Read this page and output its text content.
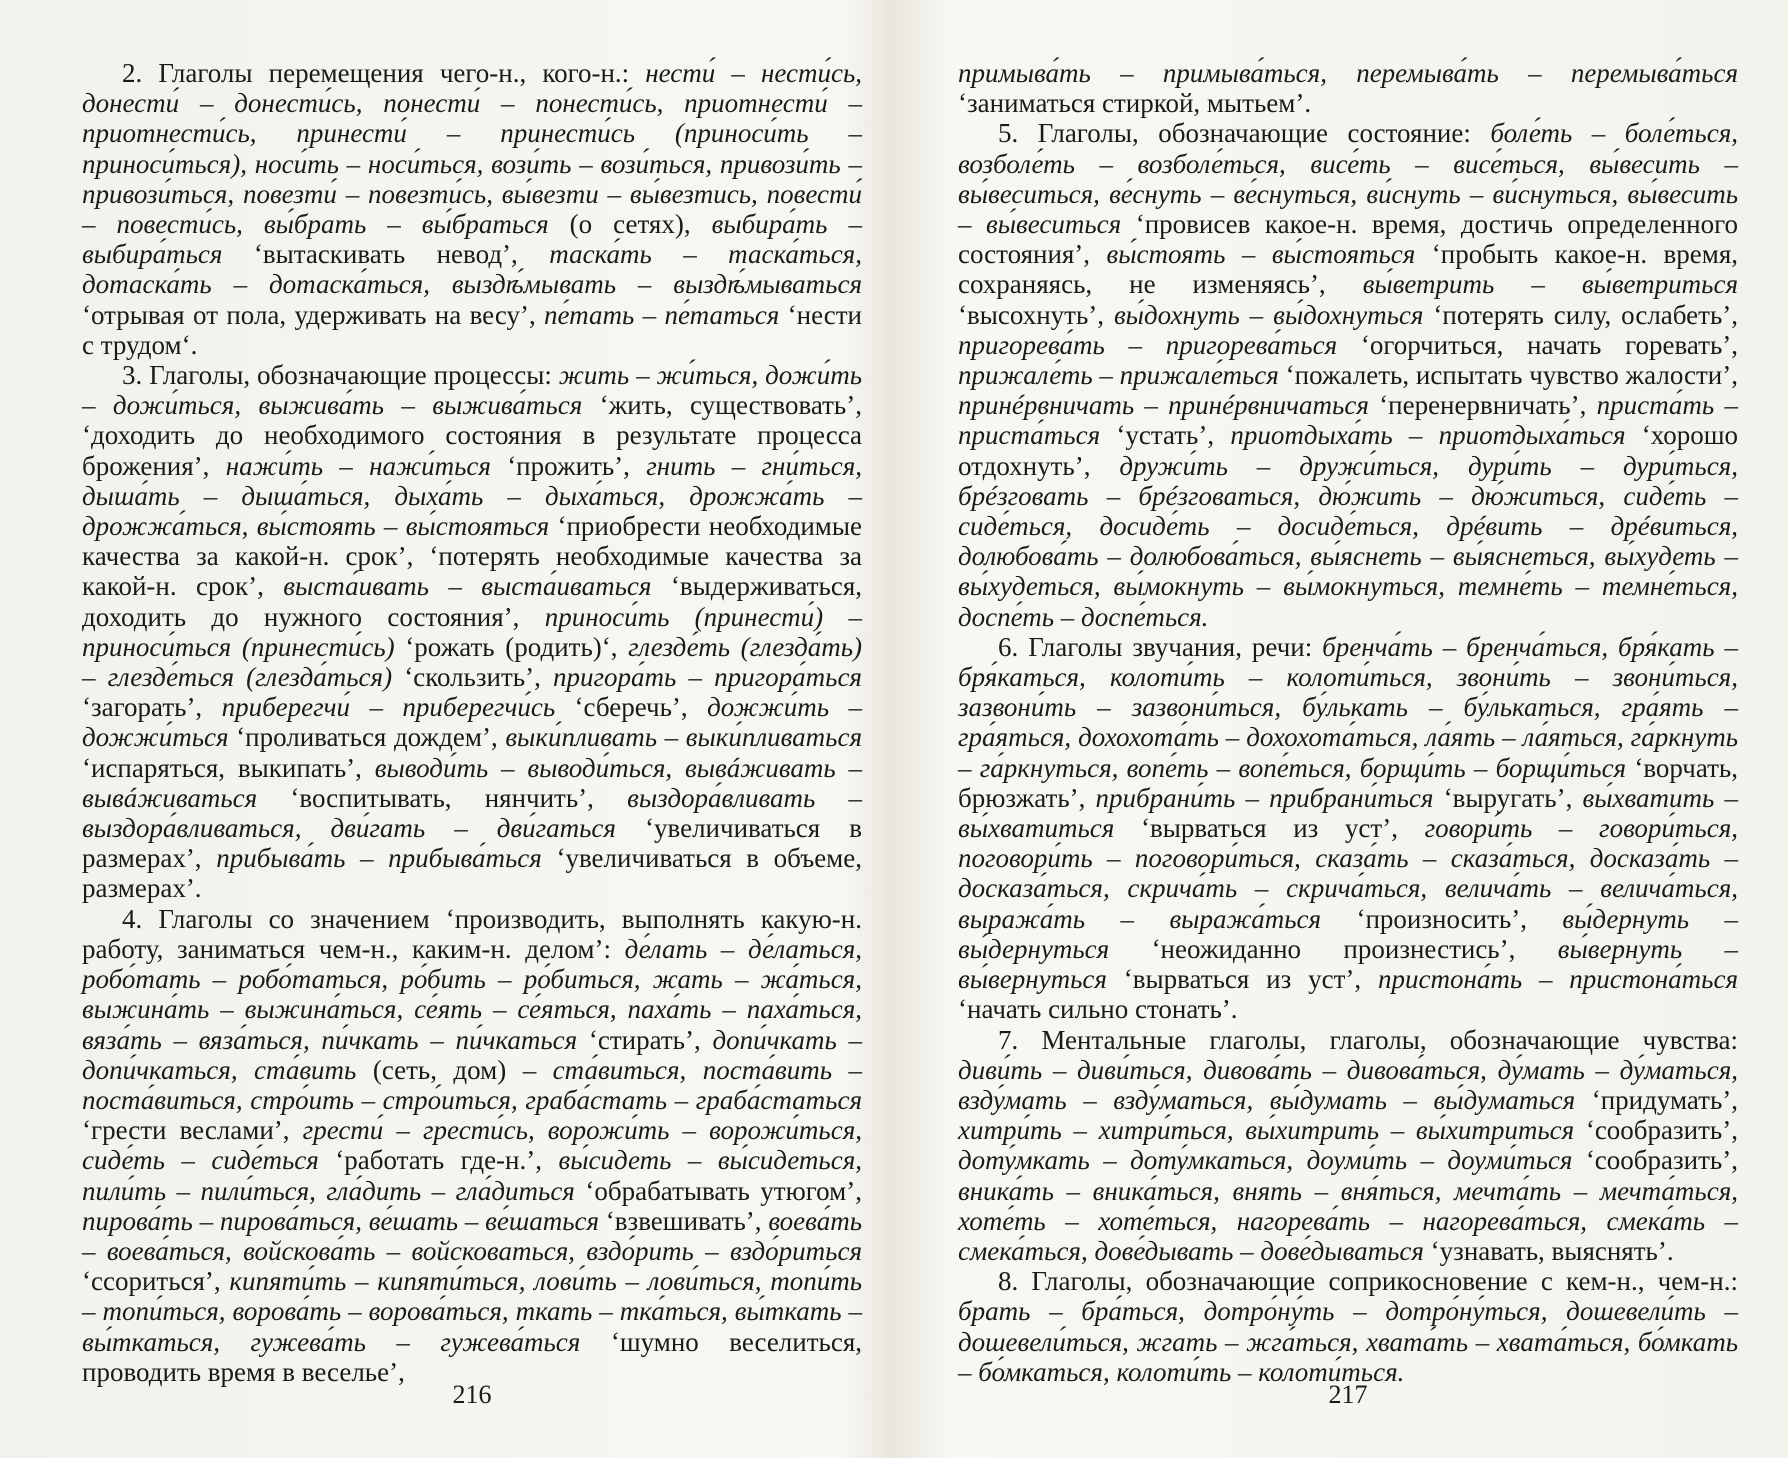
2. Глаголы перемещения чего-н., кого-н.: нести́ – нести́сь, донести́ – донести́сь, понести́ – понести́сь, приотнести́ – приотнести́сь, принести́ – принести́сь (приноси́ть – приноси́ться), носи́ть – носи́ться, вози́ть – вози́ться, привози́ть – привози́ться, повезти́ – повезти́сь, вы́везти – вы́везтись, повести́ – повести́сь, вы́брать – вы́браться (о сетях), выбира́ть – выбира́ться ‘вытаскивать невод’, таска́ть – таска́ться, дотаска́ть – дотаска́ться, выздѣ́мывать – выздѣ́мываться ‘отрывая от пола, удерживать на весу’, пе́тать – пе́таться ‘нести с трудом‘.

3. Глаголы, обозначающие процессы: жить – жи́ться, дожи́ть – дожи́ться, выжива́ть – выжива́ться ‘жить, существовать’, ‘доходить до необходимого состояния в результате процесса брожения’, нажи́ть – нажи́ться ‘прожить’, гнить – гни́ться, дыша́ть – дыша́ться, дыха́ть – дыха́ться, дрожжа́ть – дрожжа́ться, вы́стоять – вы́стояться ‘приобрести необходимые качества за какой-н. срок’, ‘потерять необходимые качества за какой-н. срок’, выста́ивать – выста́иваться ‘выдерживаться, доходить до нужного состояния’, приноси́ть (принести́) – приноси́ться (принести́сь) ‘рожать (родить)‘, глезде́ть (глезда́ть) – глезде́ться (глезда́ться) ‘скользить’, пригора́ть – пригора́ться ‘загорать’, приберегчи́ – приберегчи́сь ‘сберечь’, дожжи́ть – дожжи́ться ‘проливаться дождем’, выки́пливать – выки́пливаться ‘испаряться, выкипать’, выводи́ть – выводи́ться, вывáживать – вывáживаться ‘воспитывать, нянчить’, выздора́вливать – выздора́вливаться, дви́гать – дви́гаться ‘увеличиваться в размерах’, прибыва́ть – прибыва́ться ‘увеличиваться в объеме, размерах’.

4. Глаголы со значением ‘производить, выполнять какую-н. работу, заниматься чем-н., каким-н. делом’: де́лать – де́латься, робо́тать – робо́таться, ро́бить – ро́биться, жать – жа́ться, выжина́ть – выжина́ться, се́ять – се́яться, паха́ть – паха́ться, вяза́ть – вяза́ться, пи́чкать – пи́чкаться ‘стирать’, допи́чкать – допи́чкаться, ста́вить (сеть, дом) – ста́виться, поста́вить – поста́виться, стро́ить – стро́иться, граба́стать – граба́статься ‘грести веслами’, грести́ – грести́сь, ворожи́ть – ворожи́ться, сиде́ть – сиде́ться ‘работать где-н.’, вы́сидеть – вы́сидеться, пили́ть – пили́ться, гла́дить – гла́диться ‘обрабатывать утюгом’, пирова́ть – пирова́ться, ве́шать – ве́шаться ‘взвешивать’, воева́ть – воева́ться, войскова́ть – войсковаться, вздо́рить – вздо́риться ‘ссориться’, кипяти́ть – кипяти́ться, лови́ть – лови́ться, топи́ть – топи́ться, ворова́ть – ворова́ться, ткать – тка́ться, вы́ткать – вы́ткаться, гужева́ть – гужева́ться ‘шумно веселиться, проводить время в веселье’,

примыва́ть – примыва́ться, перемыва́ть – перемыва́ться ‘заниматься стиркой, мытьем’.

5. Глаголы, обозначающие состояние: боле́ть – боле́ться, возболе́ть – возболе́ться, висе́ть – висе́ться, вы́весить – вы́веситься, ве́снуть – ве́снуться, ви́снуть – ви́снуться, вы́весить – вы́веситься ‘провисев какое-н. время, достичь определенного состояния’, вы́стоять – вы́стояться ‘пробыть какое-н. время, сохраняясь, не изменяясь’, вы́ветрить – вы́ветриться ‘высохнуть’, вы́дохнуть – вы́дохнуться ‘потерять силу, ослабеть’, пригорева́ть – пригорева́ться ‘огорчиться, начать горевать’, прижале́ть – прижале́ться ‘пожалеть, испытать чувство жалости’, принéрвничать – принéрвничаться ‘перенервничать’, приста́ть – приста́ться ‘устать’, приотдыха́ть – приотдыха́ться ‘хорошо отдохнуть’, дружи́ть – дружи́ться, дури́ть – дури́ться, брéзговать – брéзговаться, дю́жить – дю́житься, сиде́ть – сиде́ться, досиде́ть – досиде́ться, дрéвить – дрéвиться, долюбова́ть – долюбова́ться, вы́яснеть – вы́яснеться, вы́худеть – вы́худеться, вы́мокнуть – вы́мокнуться, темне́ть – темне́ться, доспе́ть – доспе́ться.

6. Глаголы звучания, речи: бренча́ть – бренча́ться, бря́кать – бря́каться, колоти́ть – колоти́ться, звони́ть – звони́ться, зазвони́ть – зазвони́ться, бу́лькать – бу́лькаться, гра́ять – гра́яться, дохохота́ть – дохохота́ться, ла́ять – ла́яться, га́ркнуть – га́ркнуться, вопе́ть – вопе́ться, борщи́ть – борщи́ться ‘ворчать, брюзжать’, прибрани́ть – прибрани́ться ‘выругать’, вы́хватить – вы́хватиться ‘вырваться из уст’, говори́ть – говори́ться, поговори́ть – поговори́ться, сказа́ть – сказа́ться, досказа́ть – досказа́ться, скрича́ть – скрича́ться, велича́ть – велича́ться, выража́ть – выража́ться ‘произносить’, вы́дернуть – вы́дернуться ‘неожиданно произнестись’, вы́вернуть – вы́вернуться ‘вырваться из уст’, пристона́ть – пристона́ться ‘начать сильно стонать’.

7. Ментальные глаголы, глаголы, обозначающие чувства: диви́ть – диви́ться, дивова́ть – дивова́ться, ду́мать – ду́маться, взду́мать – взду́маться, вы́думать – вы́думаться ‘придумать’, хитри́ть – хитри́ться, вы́хитрить – вы́хитриться ‘сообразить’, доту́мкать – доту́мкаться, доуми́ть – доуми́ться ‘сообразить’, вника́ть – вника́ться, внять – вня́ться, мечта́ть – мечта́ться, хоте́ть – хоте́ться, нагорева́ть – нагорева́ться, смека́ть – смека́ться, дове́дывать – дове́дываться ‘узнавать, выяснять’.

8. Глаголы, обозначающие соприкосновение с кем-н., чем-н.: брать – бра́ться, дотро́ну́ть – дотро́ну́ться, дошевели́ть – дошевели́ться, жгать – жга́ться, хвата́ть – хвата́ться, бо́мкать – бо́мкаться, колоти́ть – колоти́ться.

216	217
